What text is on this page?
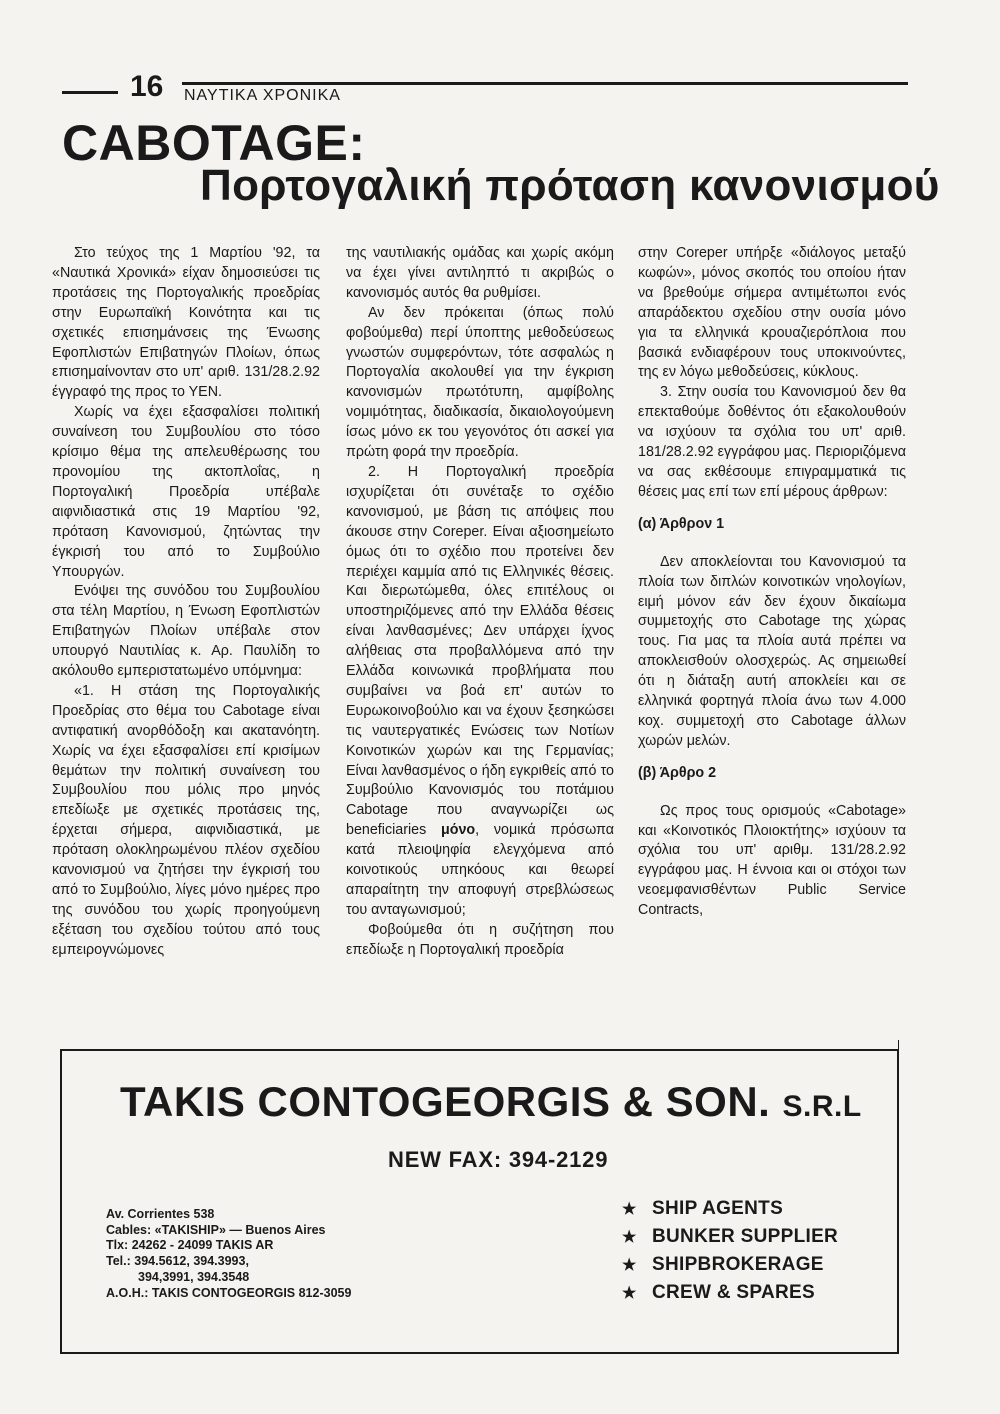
16 ΝΑΥΤΙΚΑ ΧΡΟΝΙΚΑ
CABOTAGE:
Πορτογαλική πρόταση κανονισμού

Στο τεύχος της 1 Μαρτίου '92, τα «Ναυτικά Χρονικά» είχαν δημοσιεύσει τις προτάσεις της Πορτογαλικής προεδρίας στην Ευρωπαϊκή Κοινότητα και τις σχετικές επισημάνσεις της Ένωσης Εφοπλιστών Επιβατηγών Πλοίων, όπως επισημαίνονταν στο υπ' αριθ. 131/28.2.92 έγγραφό της προς το ΥΕΝ.

Χωρίς να έχει εξασφαλίσει πολιτική συναίνεση του Συμβουλίου στο τόσο κρίσιμο θέμα της απελευθέρωσης του προνομίου της ακτοπλοΐας, η Πορτογαλική Προεδρία υπέβαλε αιφνιδιαστικά στις 19 Μαρτίου '92, πρόταση Κανονισμού, ζητώντας την έγκρισή του από το Συμβούλιο Υπουργών.

Ενόψει της συνόδου του Συμβουλίου στα τέλη Μαρτίου, η Ένωση Εφοπλιστών Επιβατηγών Πλοίων υπέβαλε στον υπουργό Ναυτιλίας κ. Αρ. Παυλίδη το ακόλουθο εμπεριστατωμένο υπόμνημα:

«1. Η στάση της Πορτογαλικής Προεδρίας στο θέμα του Cabotage είναι αντιφατική ανορθόδοξη και ακατανόητη. Χωρίς να έχει εξασφαλίσει επί κρισίμων θεμάτων την πολιτική συναίνεση του Συμβουλίου που μόλις προ μηνός επεδίωξε με σχετικές προτάσεις της, έρχεται σήμερα, αιφνιδιαστικά, με πρόταση ολοκληρωμένου πλέον σχεδίου κανονισμού να ζητήσει την έγκρισή του από το Συμβούλιο, λίγες μόνο ημέρες προ της συνόδου του χωρίς προηγούμενη εξέταση του σχεδίου τούτου από τους εμπειρογνώμονες

της ναυτιλιακής ομάδας και χωρίς ακόμη να έχει γίνει αντιληπτό τι ακριβώς ο κανονισμός αυτός θα ρυθμίσει.

Αν δεν πρόκειται (όπως πολύ φοβούμεθα) περί ύποπτης μεθοδεύσεως γνωστών συμφερόντων, τότε ασφαλώς η Πορτογαλία ακολουθεί για την έγκριση κανονισμών πρωτότυπη, αμφίβολης νομιμότητας, διαδικασία, δικαιολογούμενη ίσως μόνο εκ του γεγονότος ότι ασκεί για πρώτη φορά την προεδρία.

2. Η Πορτογαλική προεδρία ισχυρίζεται ότι συνέταξε το σχέδιο κανονισμού, με βάση τις απόψεις που άκουσε στην Coreper. Είναι αξιοσημείωτο όμως ότι το σχέδιο που προτείνει δεν περιέχει καμμία από τις Ελληνικές θέσεις. Και διερωτώμεθα, όλες επιτέλους οι υποστηριζόμενες από την Ελλάδα θέσεις είναι λανθασμένες; Δεν υπάρχει ίχνος αλήθειας στα προβαλλόμενα από την Ελλάδα κοινωνικά προβλήματα που συμβαίνει να βοά επ' αυτών το Ευρωκοινοβούλιο και να έχουν ξεσηκώσει τις ναυτεργατικές Ενώσεις των Νοτίων Κοινοτικών χωρών και της Γερμανίας; Είναι λανθασμένος ο ήδη εγκριθείς από το Συμβούλιο Κανονισμός του ποτάμιου Cabotage που αναγνωρίζει ως beneficiaries μόνο, νομικά πρόσωπα κατά πλειοψηφία ελεγχόμενα από κοινοτικούς υπηκόους και θεωρεί απαραίτητη την αποφυγή στρεβλώσεως του ανταγωνισμού;

Φοβούμεθα ότι η συζήτηση που επεδίωξε η Πορτογαλική προεδρία

στην Coreper υπήρξε «διάλογος μεταξύ κωφών», μόνος σκοπός του οποίου ήταν να βρεθούμε σήμερα αντιμέτωποι ενός απαράδεκτου σχεδίου στην ουσία μόνο για τα ελληνικά κρουαζιερόπλοια που βασικά ενδιαφέρουν τους υποκινούντες, της εν λόγω μεθοδεύσεις, κύκλους.

3. Στην ουσία του Κανονισμού δεν θα επεκταθούμε δοθέντος ότι εξακολουθούν να ισχύουν τα σχόλια του υπ' αριθ. 181/28.2.92 εγγράφου μας. Περιοριζόμενα να σας εκθέσουμε επιγραμματικά τις θέσεις μας επί των επί μέρους άρθρων:

(α) Άρθρον 1

Δεν αποκλείονται του Κανονισμού τα πλοία των διπλών κοινοτικών νηολογίων, ειμή μόνον εάν δεν έχουν δικαίωμα συμμετοχής στο Cabotage της χώρας τους. Για μας τα πλοία αυτά πρέπει να αποκλεισθούν ολοσχερώς. Ας σημειωθεί ότι η διάταξη αυτή αποκλείει και σε ελληνικά φορτηγά πλοία άνω των 4.000 κοχ. συμμετοχή στο Cabotage άλλων χωρών μελών.

(β) Άρθρο 2

Ως προς τους ορισμούς «Cabotage» και «Κοινοτικός Πλοιοκτήτης» ισχύουν τα σχόλια του υπ' αριθμ. 131/28.2.92 εγγράφου μας. Η έννοια και οι στόχοι των νεοεμφανισθέντων Public Service Contracts,

TAKIS CONTOGEORGIS & SON. S.R.L
NEW FAX: 394-2129
Av. Corrientes 538
Cables: «TAKISHIP» — Buenos Aires
Tlx: 24262 - 24099 TAKIS AR
Tel.: 394.5612, 394.3993,
394,3991, 394.3548
A.O.H.: TAKIS CONTOGEORGIS 812-3059
★ SHIP AGENTS
★ BUNKER SUPPLIER
★ SHIPBROKERAGE
★ CREW & SPARES
